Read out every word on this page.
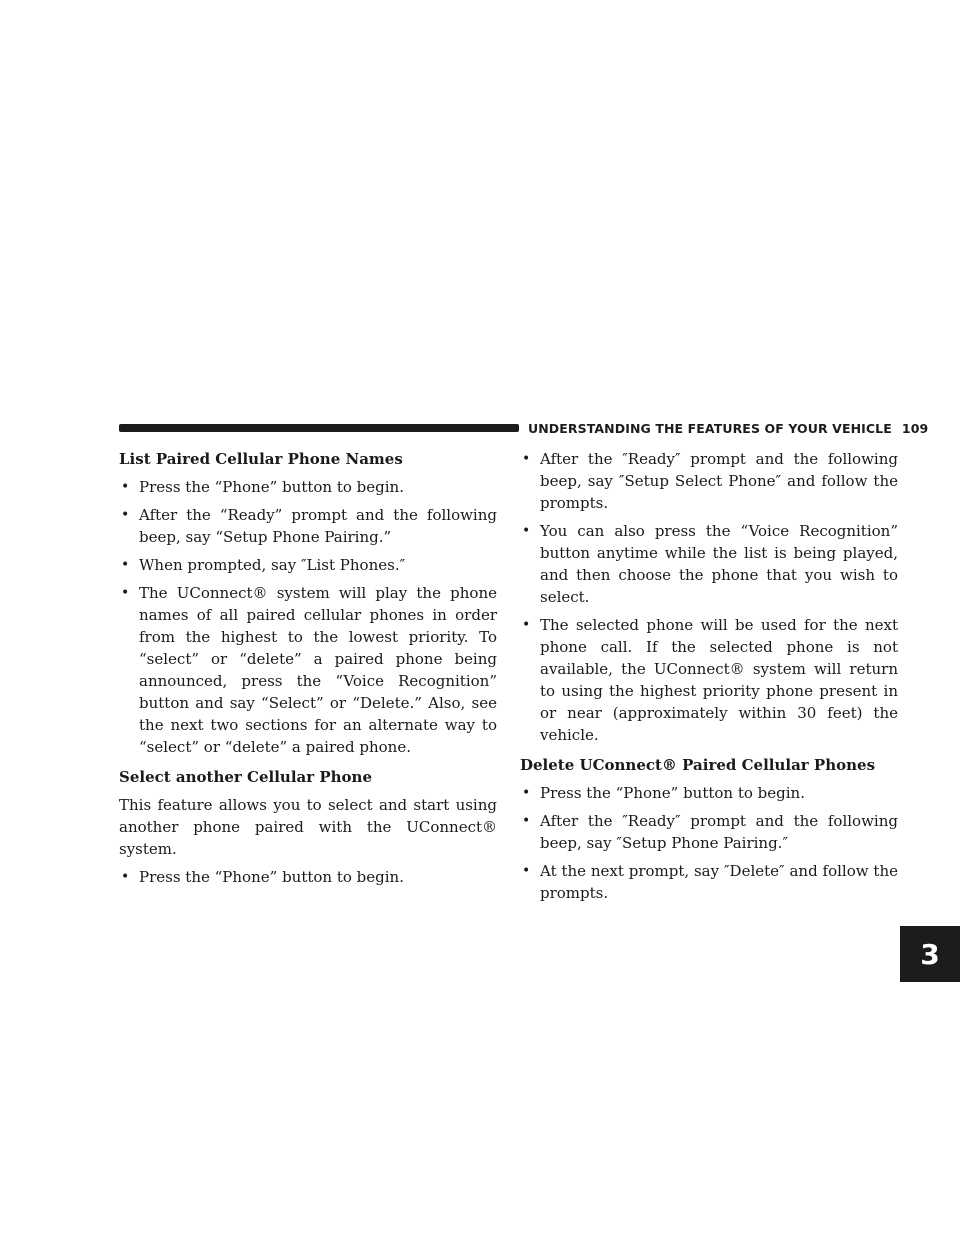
UNDERSTANDING THE FEATURES OF YOUR VEHICLE 109
3
List Paired Cellular Phone Names
• Press the “Phone” button to begin.
• After the “Ready” prompt and the following beep, say “Setup Phone Pairing.”
• When prompted, say ″List Phones.″
• The UConnect® system will play the phone names of all paired cellular phones in order from the highest to the lowest priority. To “select” or “delete” a paired phone being announced, press the “Voice Recognition” button and say “Select” or “Delete.” Also, see the next two sections for an alternate way to “select” or “delete” a paired phone.
Select another Cellular Phone

This feature allows you to select and start using another phone paired with the UConnect® system.

• Press the “Phone” button to begin.
• After the ″Ready″ prompt and the following beep, say ″Setup Select Phone″ and follow the prompts.
• You can also press the “Voice Recognition” button anytime while the list is being played, and then choose the phone that you wish to select.
• The selected phone will be used for the next phone call. If the selected phone is not available, the UConnect® system will return to using the highest priority phone present in or near (approximately within 30 feet) the vehicle.
Delete UConnect® Paired Cellular Phones
• Press the “Phone” button to begin.
• After the ″Ready″ prompt and the following beep, say ″Setup Phone Pairing.″
• At the next prompt, say ″Delete″ and follow the prompts.
